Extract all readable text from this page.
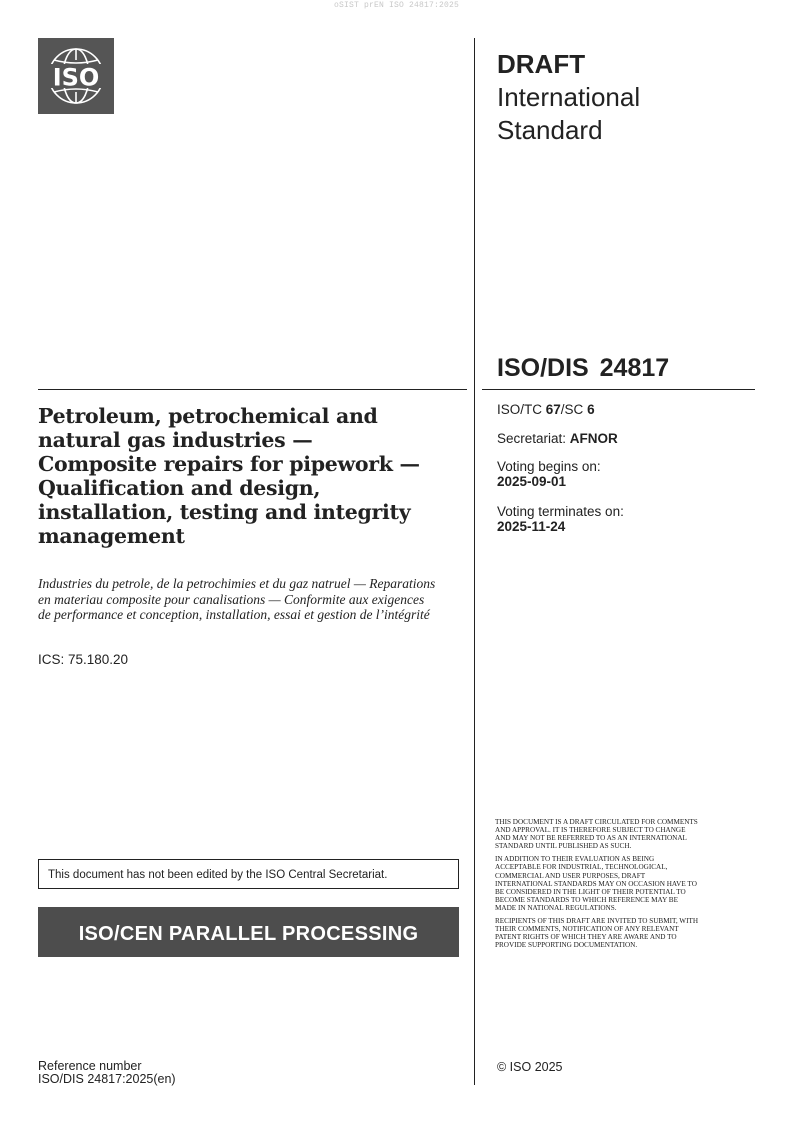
oSIST prEN ISO 24817:2025
ISO	DRAFT
International
Standard
ISO/DIS 24817
ISO/TC 67/SC 6
Secretariat: AFNOR
Voting begins on:
2025-09-01
Voting terminates on:
2025-11-24
Petroleum, petrochemical and natural gas industries — Composite repairs for pipework — Qualification and design, installation, testing and integrity management
Industries du petrole, de la petrochimies et du gaz natruel — Reparations en materiau composite pour canalisations — Conformite aux exigences de performance et conception, installation, essai et gestion de l’intégrité
ICS: 75.180.20
This document has not been edited by the ISO Central Secretariat.
ISO/CEN PARALLEL PROCESSING
Reference number
ISO/DIS 24817:2025(en)

THIS DOCUMENT IS A DRAFT CIRCULATED FOR COMMENTS AND APPROVAL. IT IS THEREFORE SUBJECT TO CHANGE AND MAY NOT BE REFERRED TO AS AN INTERNATIONAL STANDARD UNTIL PUBLISHED AS SUCH.

IN ADDITION TO THEIR EVALUATION AS BEING ACCEPTABLE FOR INDUSTRIAL, TECHNOLOGICAL, COMMERCIAL AND USER PURPOSES, DRAFT INTERNATIONAL STANDARDS MAY ON OCCASION HAVE TO BE CONSIDERED IN THE LIGHT OF THEIR POTENTIAL TO BECOME STANDARDS TO WHICH REFERENCE MAY BE MADE IN NATIONAL REGULATIONS.

RECIPIENTS OF THIS DRAFT ARE INVITED TO SUBMIT, WITH THEIR COMMENTS, NOTIFICATION OF ANY RELEVANT PATENT RIGHTS OF WHICH THEY ARE AWARE AND TO PROVIDE SUPPORTING DOCUMENTATION.

© ISO 2025
